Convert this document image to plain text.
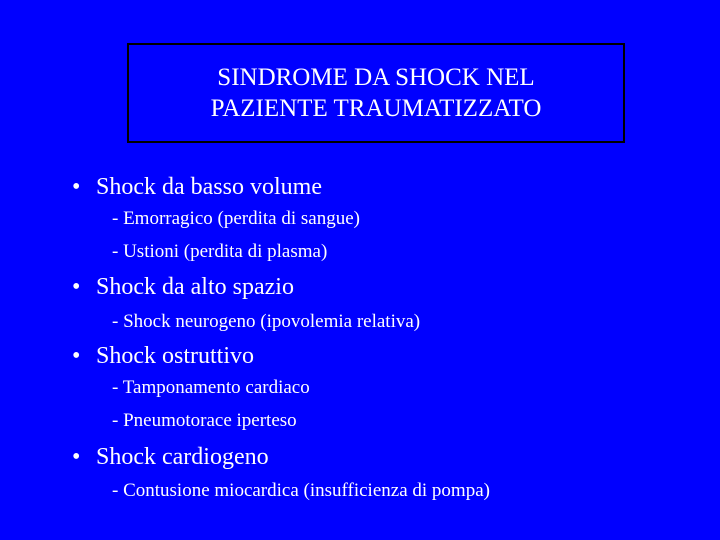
SINDROME DA SHOCK NEL
PAZIENTE TRAUMATIZZATO
• Shock da basso volume
- Emorragico (perdita di sangue)
- Ustioni (perdita di plasma)
• Shock da alto spazio
- Shock neurogeno (ipovolemia relativa)
• Shock ostruttivo
- Tamponamento cardiaco
- Pneumotorace iperteso
• Shock cardiogeno
- Contusione miocardica (insufficienza di pompa)
